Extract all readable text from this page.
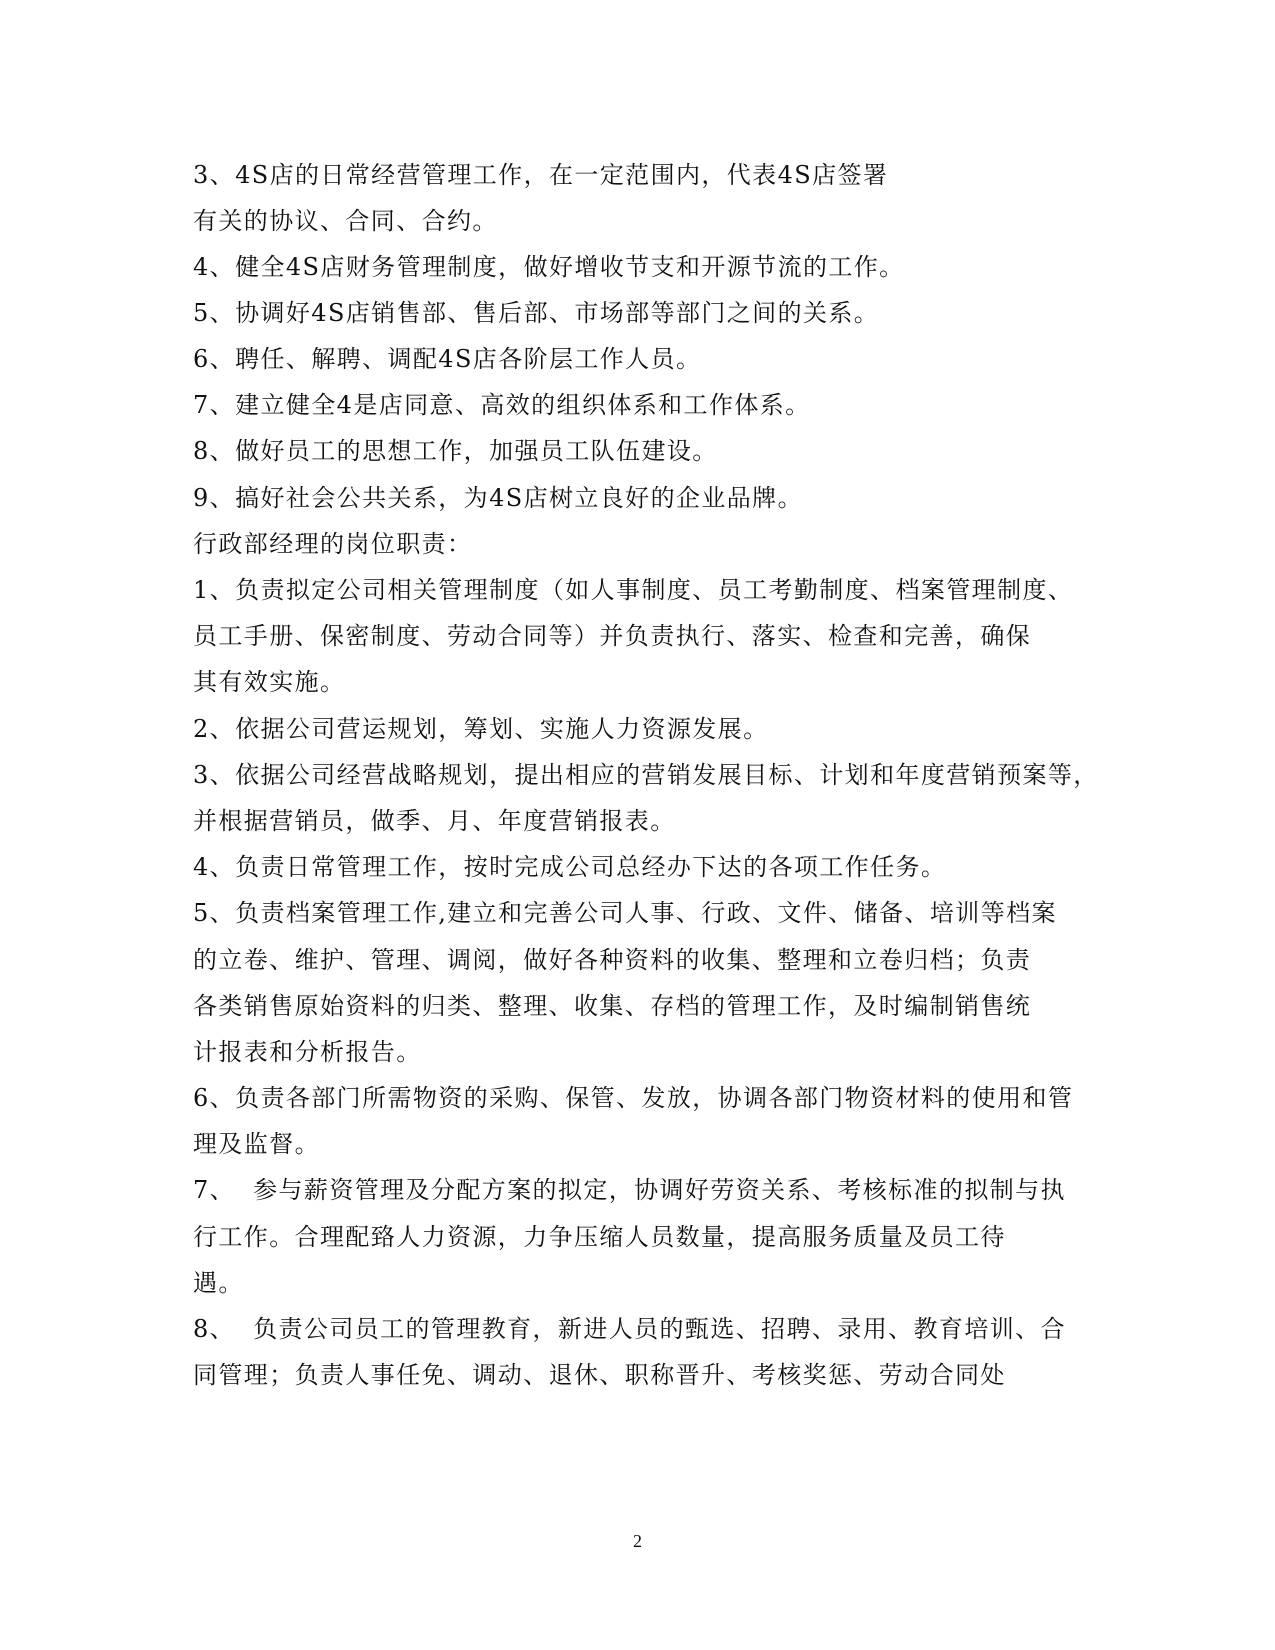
3、4S店的日常经营管理工作，在一定范围内，代表4S店签署
有关的协议、合同、合约。
4、健全4S店财务管理制度，做好增收节支和开源节流的工作。
5、协调好4S店销售部、售后部、市场部等部门之间的关系。
6、聘任、解聘、调配4S店各阶层工作人员。
7、建立健全4是店同意、高效的组织体系和工作体系。
8、做好员工的思想工作，加强员工队伍建设。
9、搞好社会公共关系，为4S店树立良好的企业品牌。
行政部经理的岗位职责：
1、负责拟定公司相关管理制度（如人事制度、员工考勤制度、档案管理制度、
员工手册、保密制度、劳动合同等）并负责执行、落实、检查和完善，确保
其有效实施。
2、依据公司营运规划，筹划、实施人力资源发展。
3、依据公司经营战略规划，提出相应的营销发展目标、计划和年度营销预案等，
并根据营销员，做季、月、年度营销报表。
4、负责日常管理工作，按时完成公司总经办下达的各项工作任务。
5、负责档案管理工作,建立和完善公司人事、行政、文件、储备、培训等档案
的立卷、维护、管理、调阅，做好各种资料的收集、整理和立卷归档；负责
各类销售原始资料的归类、整理、收集、存档的管理工作，及时编制销售统
计报表和分析报告。
6、负责各部门所需物资的采购、保管、发放，协调各部门物资材料的使用和管
理及监督。
7、  参与薪资管理及分配方案的拟定，协调好劳资关系、考核标准的拟制与执
行工作。合理配臵人力资源，力争压缩人员数量，提高服务质量及员工待
遇。
8、  负责公司员工的管理教育，新进人员的甄选、招聘、录用、教育培训、合
同管理；负责人事任免、调动、退休、职称晋升、考核奖惩、劳动合同处
2
